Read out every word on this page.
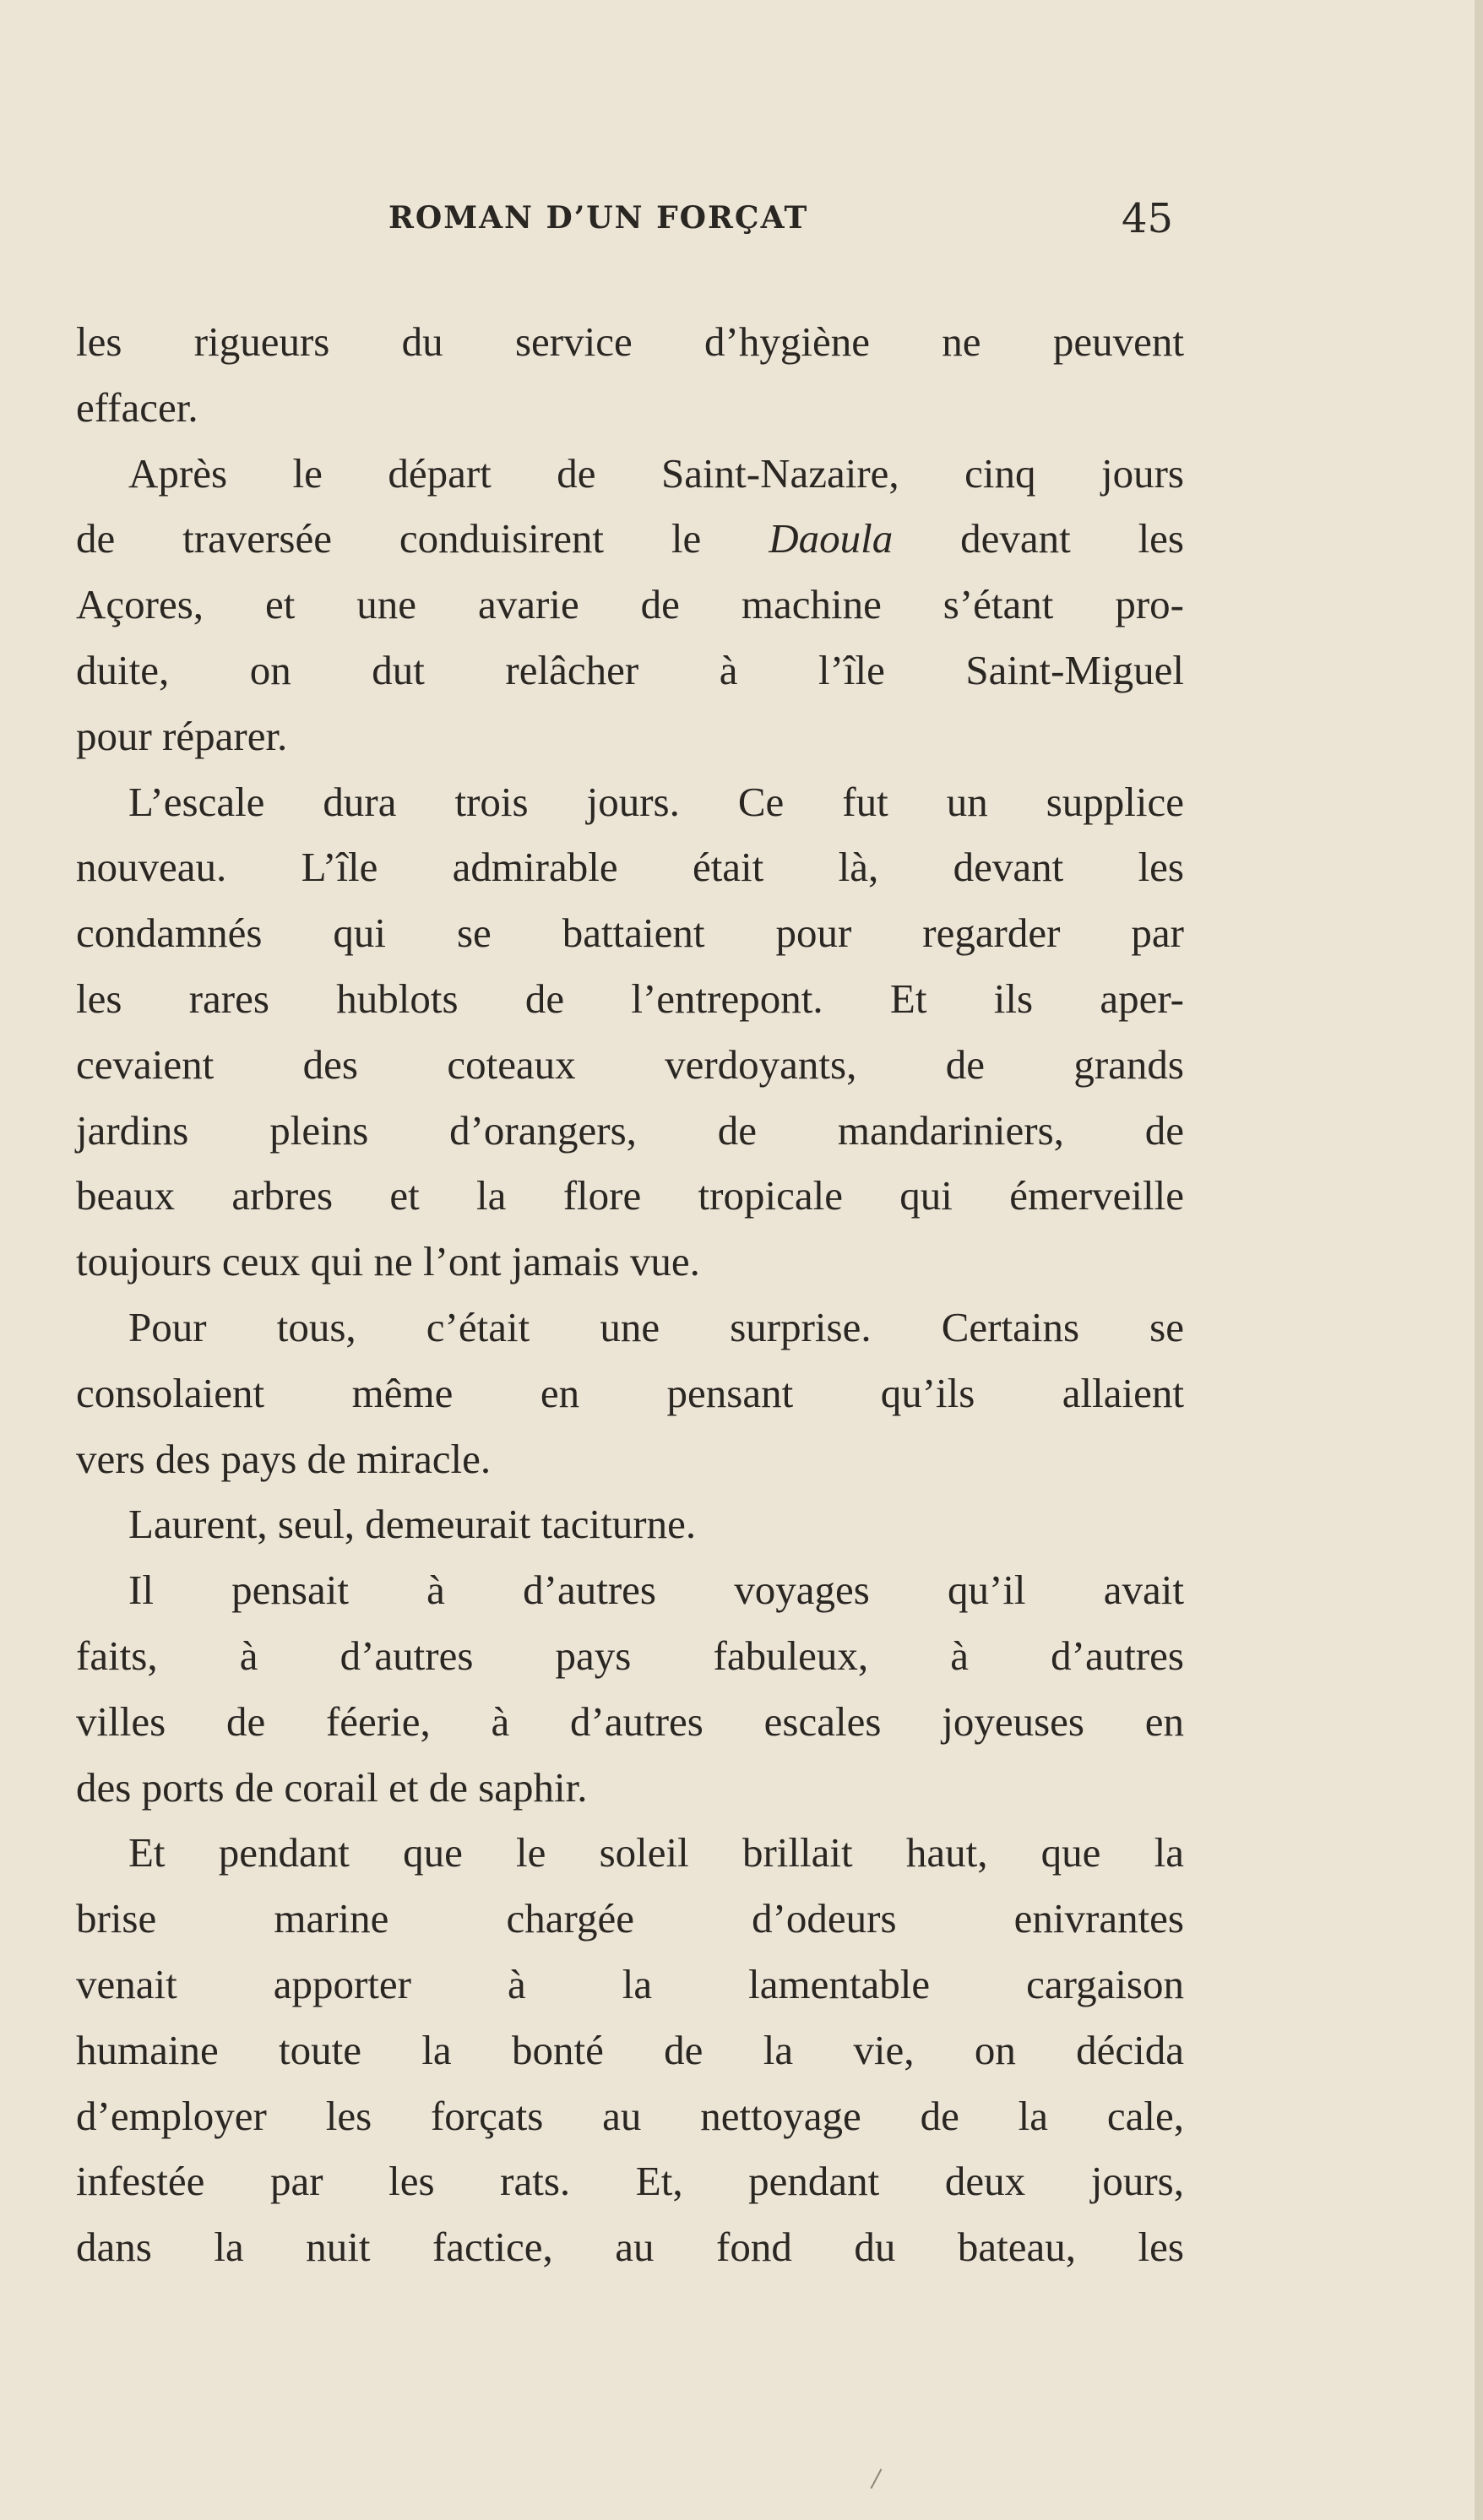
ROMAN D’UN FORÇAT	45
les rigueurs du service d’hygiène ne peuvent
effacer.
Après le départ de Saint-Nazaire, cinq jours
de traversée conduisirent le Daoula devant les
Açores, et une avarie de machine s’étant pro-
duite, on dut relâcher à l’île Saint-Miguel
pour réparer.
L’escale dura trois jours. Ce fut un supplice
nouveau. L’île admirable était là, devant les
condamnés qui se battaient pour regarder par
les rares hublots de l’entrepont. Et ils aper-
cevaient des coteaux verdoyants, de grands
jardins pleins d’orangers, de mandariniers, de
beaux arbres et la flore tropicale qui émerveille
toujours ceux qui ne l’ont jamais vue.
Pour tous, c’était une surprise. Certains se
consolaient même en pensant qu’ils allaient
vers des pays de miracle.
Laurent, seul, demeurait taciturne.
Il pensait à d’autres voyages qu’il avait
faits, à d’autres pays fabuleux, à d’autres
villes de féerie, à d’autres escales joyeuses en
des ports de corail et de saphir.
Et pendant que le soleil brillait haut, que la
brise marine chargée d’odeurs enivrantes
venait apporter à la lamentable cargaison
humaine toute la bonté de la vie, on décida
d’employer les forçats au nettoyage de la cale,
infestée par les rats. Et, pendant deux jours,
dans la nuit factice, au fond du bateau, les
